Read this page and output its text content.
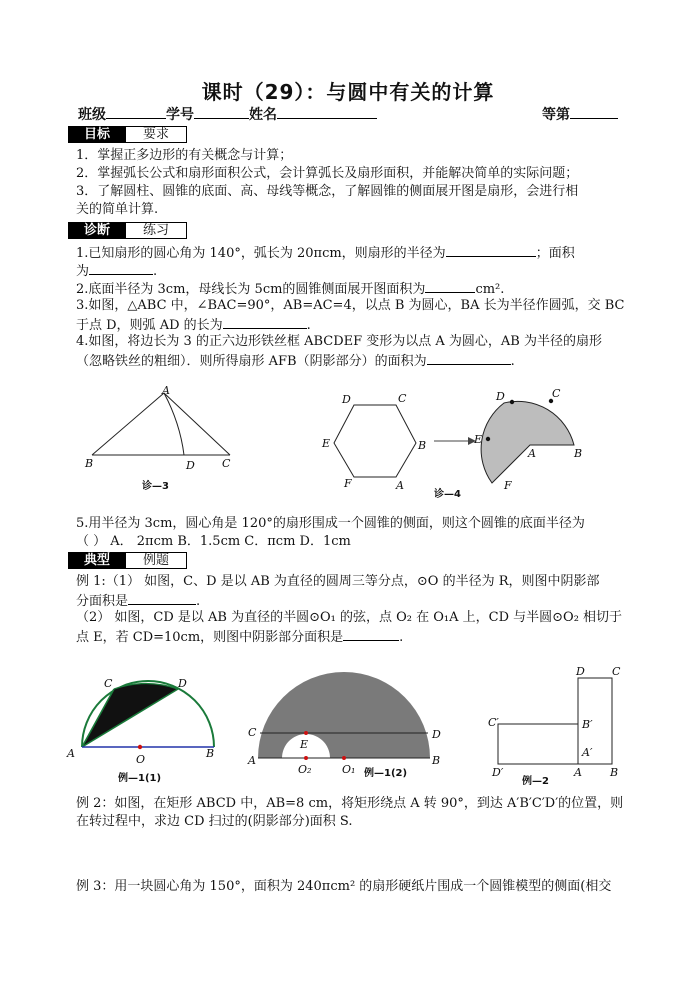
课时（29）：与圆中有关的计算
班级	学号	姓名	等第
目标	要求
1．掌握正多边形的有关概念与计算；
2．掌握弧长公式和扇形面积公式，会计算弧长及扇形面积，并能解决简单的实际问题；
3．了解圆柱、圆锥的底面、高、母线等概念，了解圆锥的侧面展开图是扇形，会进行相
关的简单计算.
诊断	练习
1.已知扇形的圆心角为 140°，弧长为 20πcm，则扇形的半径为	；面积
为	.
2.底面半径为 3cm，母线长为 5cm的圆锥侧面展开图面积为	cm².
3.如图，△ABC 中，∠BAC=90°，AB=AC=4，以点 B 为圆心，BA 长为半径作圆弧，交 BC
于点 D，则弧 AD 的长为	.
4.如图，将边长为 3 的正六边形铁丝框 ABCDEF 变形为以点 A 为圆心，AB 为半径的扇形
（忽略铁丝的粗细）．则所得扇形 AFB（阴影部分）的面积为	.
A
B	D C
诊—3
D	C
E	B
F	A
D	C
E
A	B
F
诊—4
5.用半径为 3cm，圆心角是 120°的扇形围成一个圆锥的侧面，则这个圆锥的底面半径为
（ ） A． 2πcm B．1.5cm C．πcm D．1cm
典型	例题
例 1:（1） 如图，C、D 是以 AB 为直径的圆周三等分点，⊙O 的半径为 R，则图中阴影部
分面积是	.
（2） 如图，CD 是以 AB 为直径的半圆⊙O₁ 的弦，点 O₂ 在 O₁A 上，CD 与半圆⊙O₂ 相切于
点 E，若 CD=10cm，则图中阴影部分面积是	.
C	D
A	B
O
例—1(1)
C	D
E
A	B
O₂	O₁ 例—1(2)
D C
C′	B′
A′
D′	A	B
例—2
例 2：如图，在矩形 ABCD 中，AB=8 cm，将矩形绕点 A 转 90°，到达 A′B′C′D′的位置，则
在转过程中，求边 CD 扫过的(阴影部分)面积 S.
例 3：用一块圆心角为 150°，面积为 240πcm² 的扇形硬纸片围成一个圆锥模型的侧面(相交
